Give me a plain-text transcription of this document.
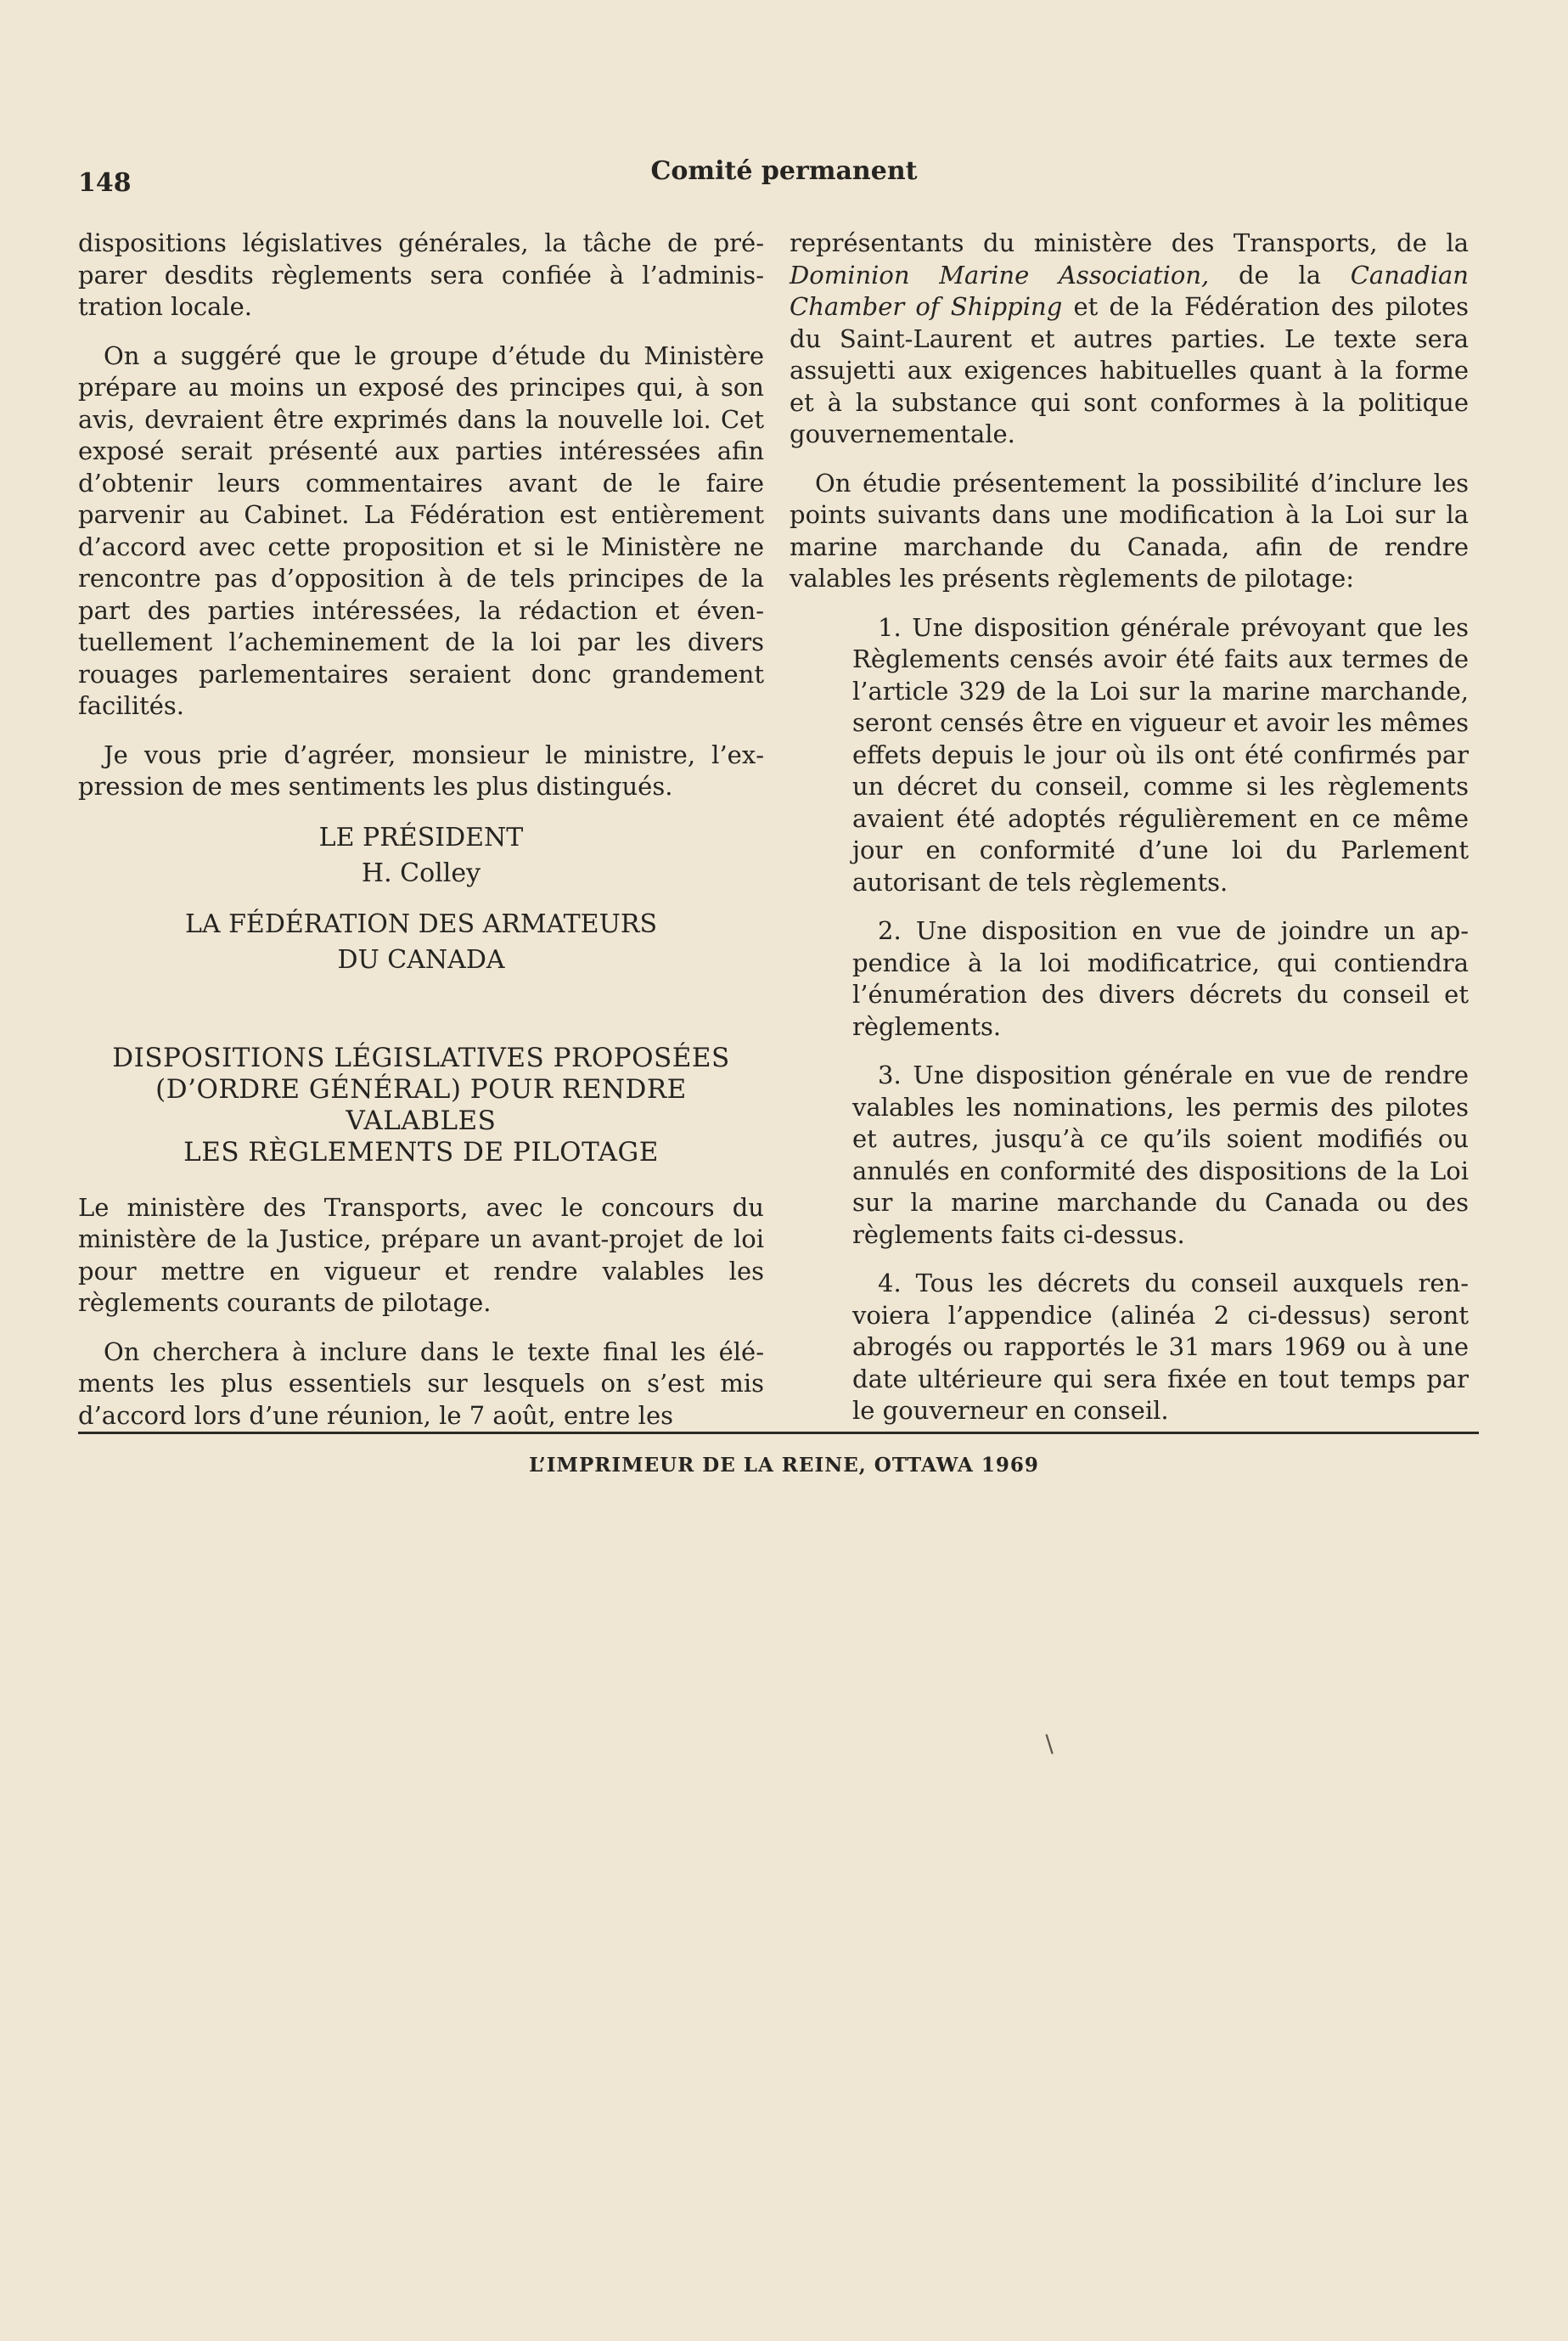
148	Comité permanent

dispositions législatives générales, la tâche de préparer desdits règlements sera confiée à l’administration locale.

On a suggéré que le groupe d’étude du Ministère prépare au moins un exposé des principes qui, à son avis, devraient être exprimés dans la nouvelle loi. Cet exposé serait présenté aux parties intéressées afin d’obtenir leurs commentaires avant de le faire parvenir au Cabinet. La Fédération est entièrement d’accord avec cette proposition et si le Ministère ne rencontre pas d’opposition à de tels principes de la part des parties intéressées, la rédaction et éventuellement l’acheminement de la loi par les divers rouages parlementaires seraient donc grandement facilités.

Je vous prie d’agréer, monsieur le ministre, l’expression de mes sentiments les plus distingués.

LE PRÉSIDENT
H. Colley
LA FÉDÉRATION DES ARMATEURS
DU CANADA
DISPOSITIONS LÉGISLATIVES PROPOSÉES
(D’ORDRE GÉNÉRAL) POUR RENDRE
VALABLES
LES RÈGLEMENTS DE PILOTAGE

Le ministère des Transports, avec le concours du ministère de la Justice, prépare un avant-projet de loi pour mettre en vigueur et rendre valables les règlements courants de pilotage.

On cherchera à inclure dans le texte final les éléments les plus essentiels sur lesquels on s’est mis d’accord lors d’une réunion, le 7 août, entre les

représentants du ministère des Transports, de la Dominion Marine Association, de la Canadian Chamber of Shipping et de la Fédération des pilotes du Saint-Laurent et autres parties. Le texte sera assujetti aux exigences habituelles quant à la forme et à la substance qui sont conformes à la politique gouvernementale.

On étudie présentement la possibilité d’inclure les points suivants dans une modification à la Loi sur la marine marchande du Canada, afin de rendre valables les présents règlements de pilotage:

1. Une disposition générale prévoyant que les Règlements censés avoir été faits aux termes de l’article 329 de la Loi sur la marine marchande, seront censés être en vigueur et avoir les mêmes effets depuis le jour où ils ont été confirmés par un décret du conseil, comme si les règlements avaient été adoptés régulièrement en ce même jour en conformité d’une loi du Parlement autorisant de tels règlements.

2. Une disposition en vue de joindre un appendice à la loi modificatrice, qui contiendra l’énumération des divers décrets du conseil et règlements.

3. Une disposition générale en vue de rendre valables les nominations, les permis des pilotes et autres, jusqu’à ce qu’ils soient modifiés ou annulés en conformité des dispositions de la Loi sur la marine marchande du Canada ou des règlements faits ci-dessus.

4. Tous les décrets du conseil auxquels renvoiera l’appendice (alinéa 2 ci-dessus) seront abrogés ou rapportés le 31 mars 1969 ou à une date ultérieure qui sera fixée en tout temps par le gouverneur en conseil.

L’IMPRIMEUR DE LA REINE, OTTAWA 1969
∖
